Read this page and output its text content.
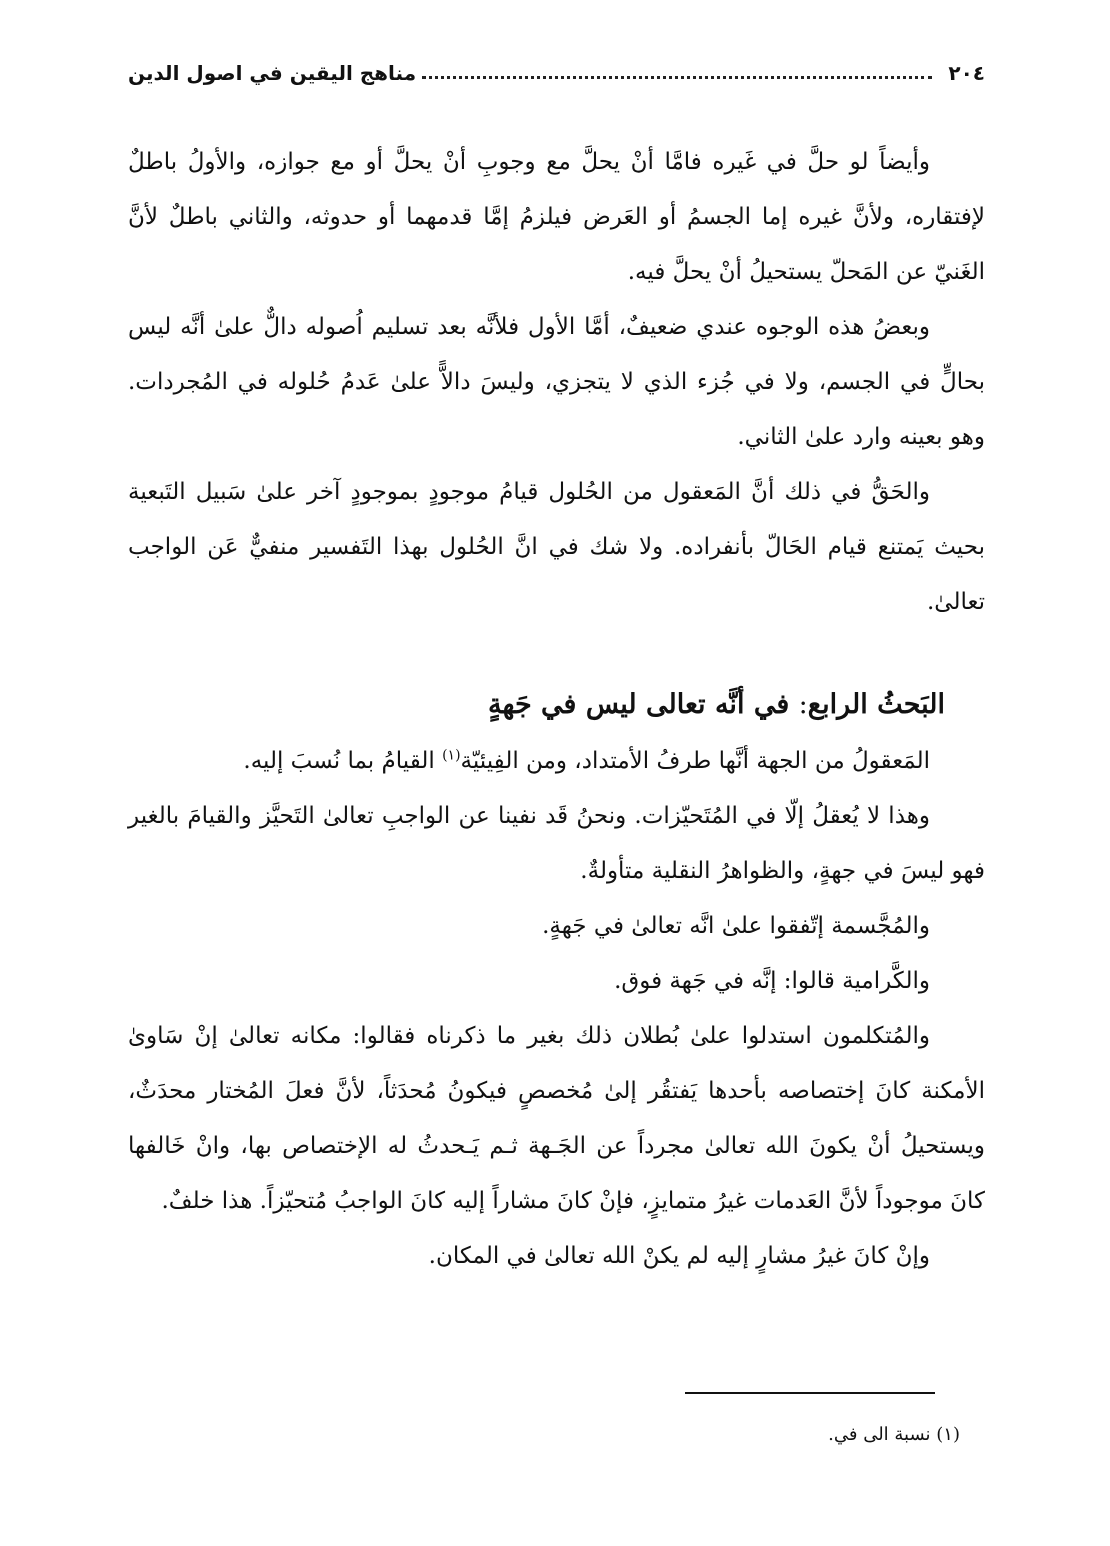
٢٠٤
مناهج اليقين في اصول الدين

وأيضاً لو حلَّ في غَيره فامَّا أنْ يحلَّ مع وجوبِ أنْ يحلَّ أو مع جوازه، والأولُ باطلٌ لإفتقاره، ولأنَّ غيره إما الجسمُ أو العَرض فيلزمُ إمَّا قدمهما أو حدوثه، والثاني باطلٌ لأنَّ الغَنيّ عن المَحلّ يستحيلُ أنْ يحلَّ فيه.

وبعضُ هذه الوجوه عندي ضعيفٌ، أمَّا الأول فلأنَّه بعد تسليم اُصوله دالٌّ علىٰ أنَّه ليس بحالٍّ في الجسم، ولا في جُزء الذي لا يتجزي، وليسَ دالاًّ علىٰ عَدمُ حُلوله في المُجردات. وهو بعينه وارد علىٰ الثاني.

والحَقُّ في ذلك أنَّ المَعقول من الحُلول قيامُ موجودٍ بموجودٍ آخر علىٰ سَبيل التَبعية بحيث يَمتنع قيام الحَالّ بأنفراده. ولا شك في انَّ الحُلول بهذا التَفسير منفيٌّ عَن الواجب تعالىٰ.

البَحثُ الرابع: في أنَّه تعالى ليس في جَهةٍ

المَعقولُ من الجهة أنَّها طرفُ الأمتداد، ومن الفِيئيّة$^{(١)}$ القيامُ بما نُسبَ إليه.

وهذا لا يُعقلُ إلّا في المُتَحيّزات. ونحنُ قَد نفينا عن الواجبِ تعالىٰ التَحيَّز والقيامَ بالغير فهو ليسَ في جهةٍ، والظواهرُ النقلية متأولةٌ.

والمُجَّسمة إتّفقوا علىٰ انَّه تعالىٰ في جَهةٍ.

والكَّرامية قالوا: إنَّه في جَهة فوق.

والمُتكلمون استدلوا علىٰ بُطلان ذلك بغير ما ذكرناه فقالوا: مكانه تعالىٰ إنْ سَاوىٰ الأمكنة كانَ إختصاصه بأحدها يَفتقُر إلىٰ مُخصصٍ فيكونُ مُحدَثاً، لأنَّ فعلَ المُختار محدَثٌ، ويستحيلُ أنْ يكونَ الله تعالىٰ مجرداً عن الجَـهة ثـم يَـحدثُ له الإختصاص بها، وانْ خَالفها كانَ موجوداً لأنَّ العَدمات غيرُ متمايزٍ، فإنْ كانَ مشاراً إليه كانَ الواجبُ مُتحيّزاً. هذا خلفٌ.

وإنْ كانَ غيرُ مشارٍ إليه لم يكنْ الله تعالىٰ في المكان.

(١) نسبة الى في.
